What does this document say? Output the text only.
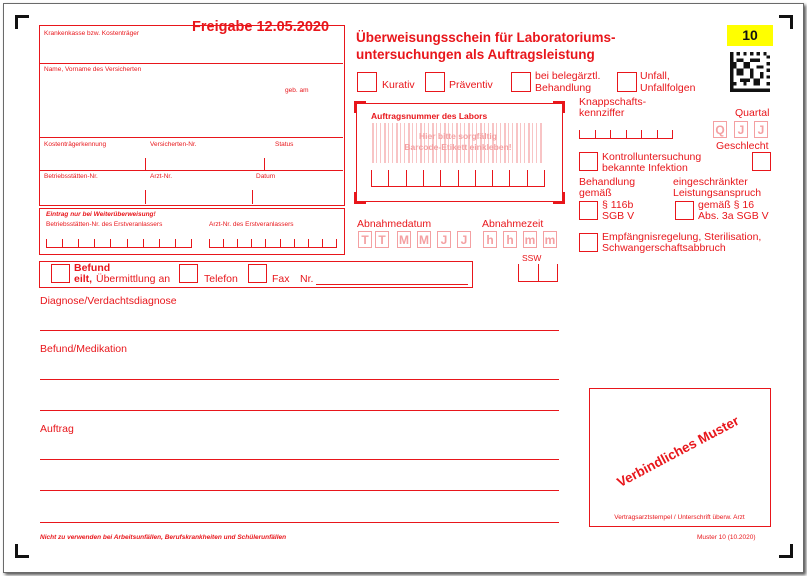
Krankenkasse bzw. Kostenträger	Freigabe 12.05.2020
Name, Vorname des Versicherten
geb. am
Kostenträgerkennung	Versicherten-Nr.	Status
Betriebsstätten-Nr.	Arzt-Nr.	Datum
Eintrag nur bei Weiterüberweisung!
Betriebsstätten-Nr. des Erstveranlassers	Arzt-Nr. des Erstveranlassers
Befund
eilt, Übermittlung an	Telefon	Fax Nr.
Überweisungsschein für Laboratoriums-
untersuchungen als Auftragsleistung
10
Kurativ	Präventiv
bei belegärztl.
Behandlung
Unfall,
Unfallfolgen
Auftragsnummer des Labors
Hier bitte sorgfältig
Barcode-Etikett einkleben!
Knappschafts-
kennziffer	Quartal
Q	J	J
Geschlecht
Abnahmedatum	Abnahmezeit
T T M M J	J	h h m m
SSW
Kontrolluntersuchung
bekannte Infektion
Behandlung
gemäß
eingeschränkter
Leistungsanspruch
§ 116b
SGB V
gemäß § 16
Abs. 3a SGB V
Empfängnisregelung, Sterilisation,
Schwangerschaftsabbruch
Diagnose/Verdachtsdiagnose
Befund/Medikation
Auftrag
Vertragsarztstempel / Unterschrift überw. Arzt
Verbindliches Muster
Nicht zu verwenden bei Arbeitsunfällen, Berufskrankheiten und Schülerunfällen	Muster 10 (10.2020)
